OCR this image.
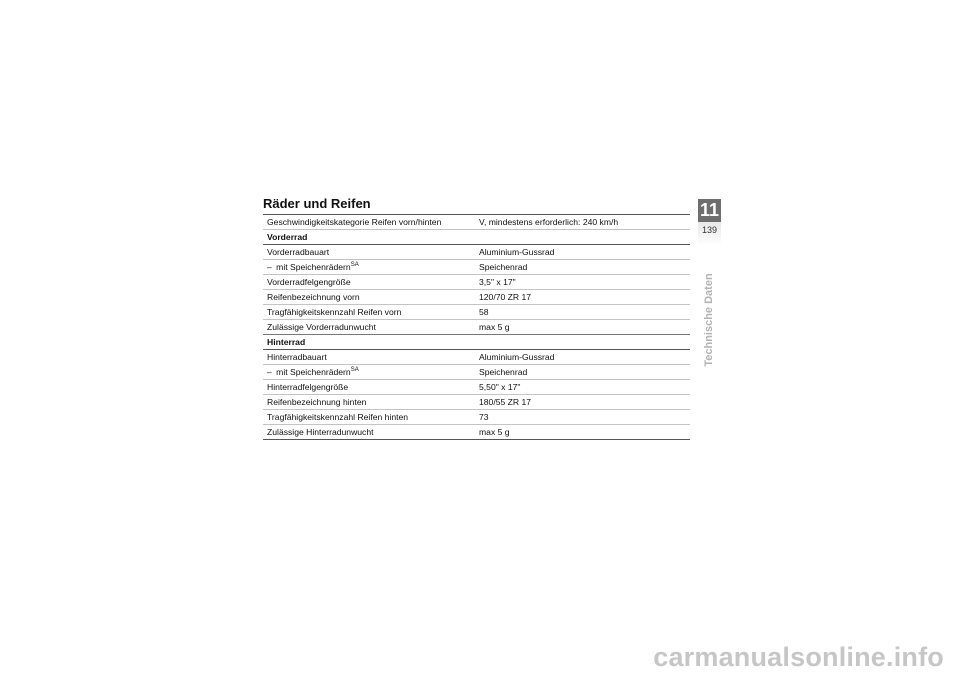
Räder und Reifen
Geschwindigkeitskategorie Reifen vorn/hinten	V, mindestens erforderlich: 240 km/h
Vorderrad	
Vorderradbauart	Aluminium-Gussrad
– mit Speichenrädern$^{SA}$	Speichenrad
Vorderradfelgengröße	3,5" x 17"
Reifenbezeichnung vorn	120/70 ZR 17
Tragfähigkeitskennzahl Reifen vorn	58
Zulässige Vorderradunwucht	max 5 g
Hinterrad	
Hinterradbauart	Aluminium-Gussrad
– mit Speichenrädern$^{SA}$	Speichenrad
Hinterradfelgengröße	5,50" x 17"
Reifenbezeichnung hinten	180/55 ZR 17
Tragfähigkeitskennzahl Reifen hinten	73
Zulässige Hinterradunwucht	max 5 g
11
139
Technische Daten
carmanualsonline.info
